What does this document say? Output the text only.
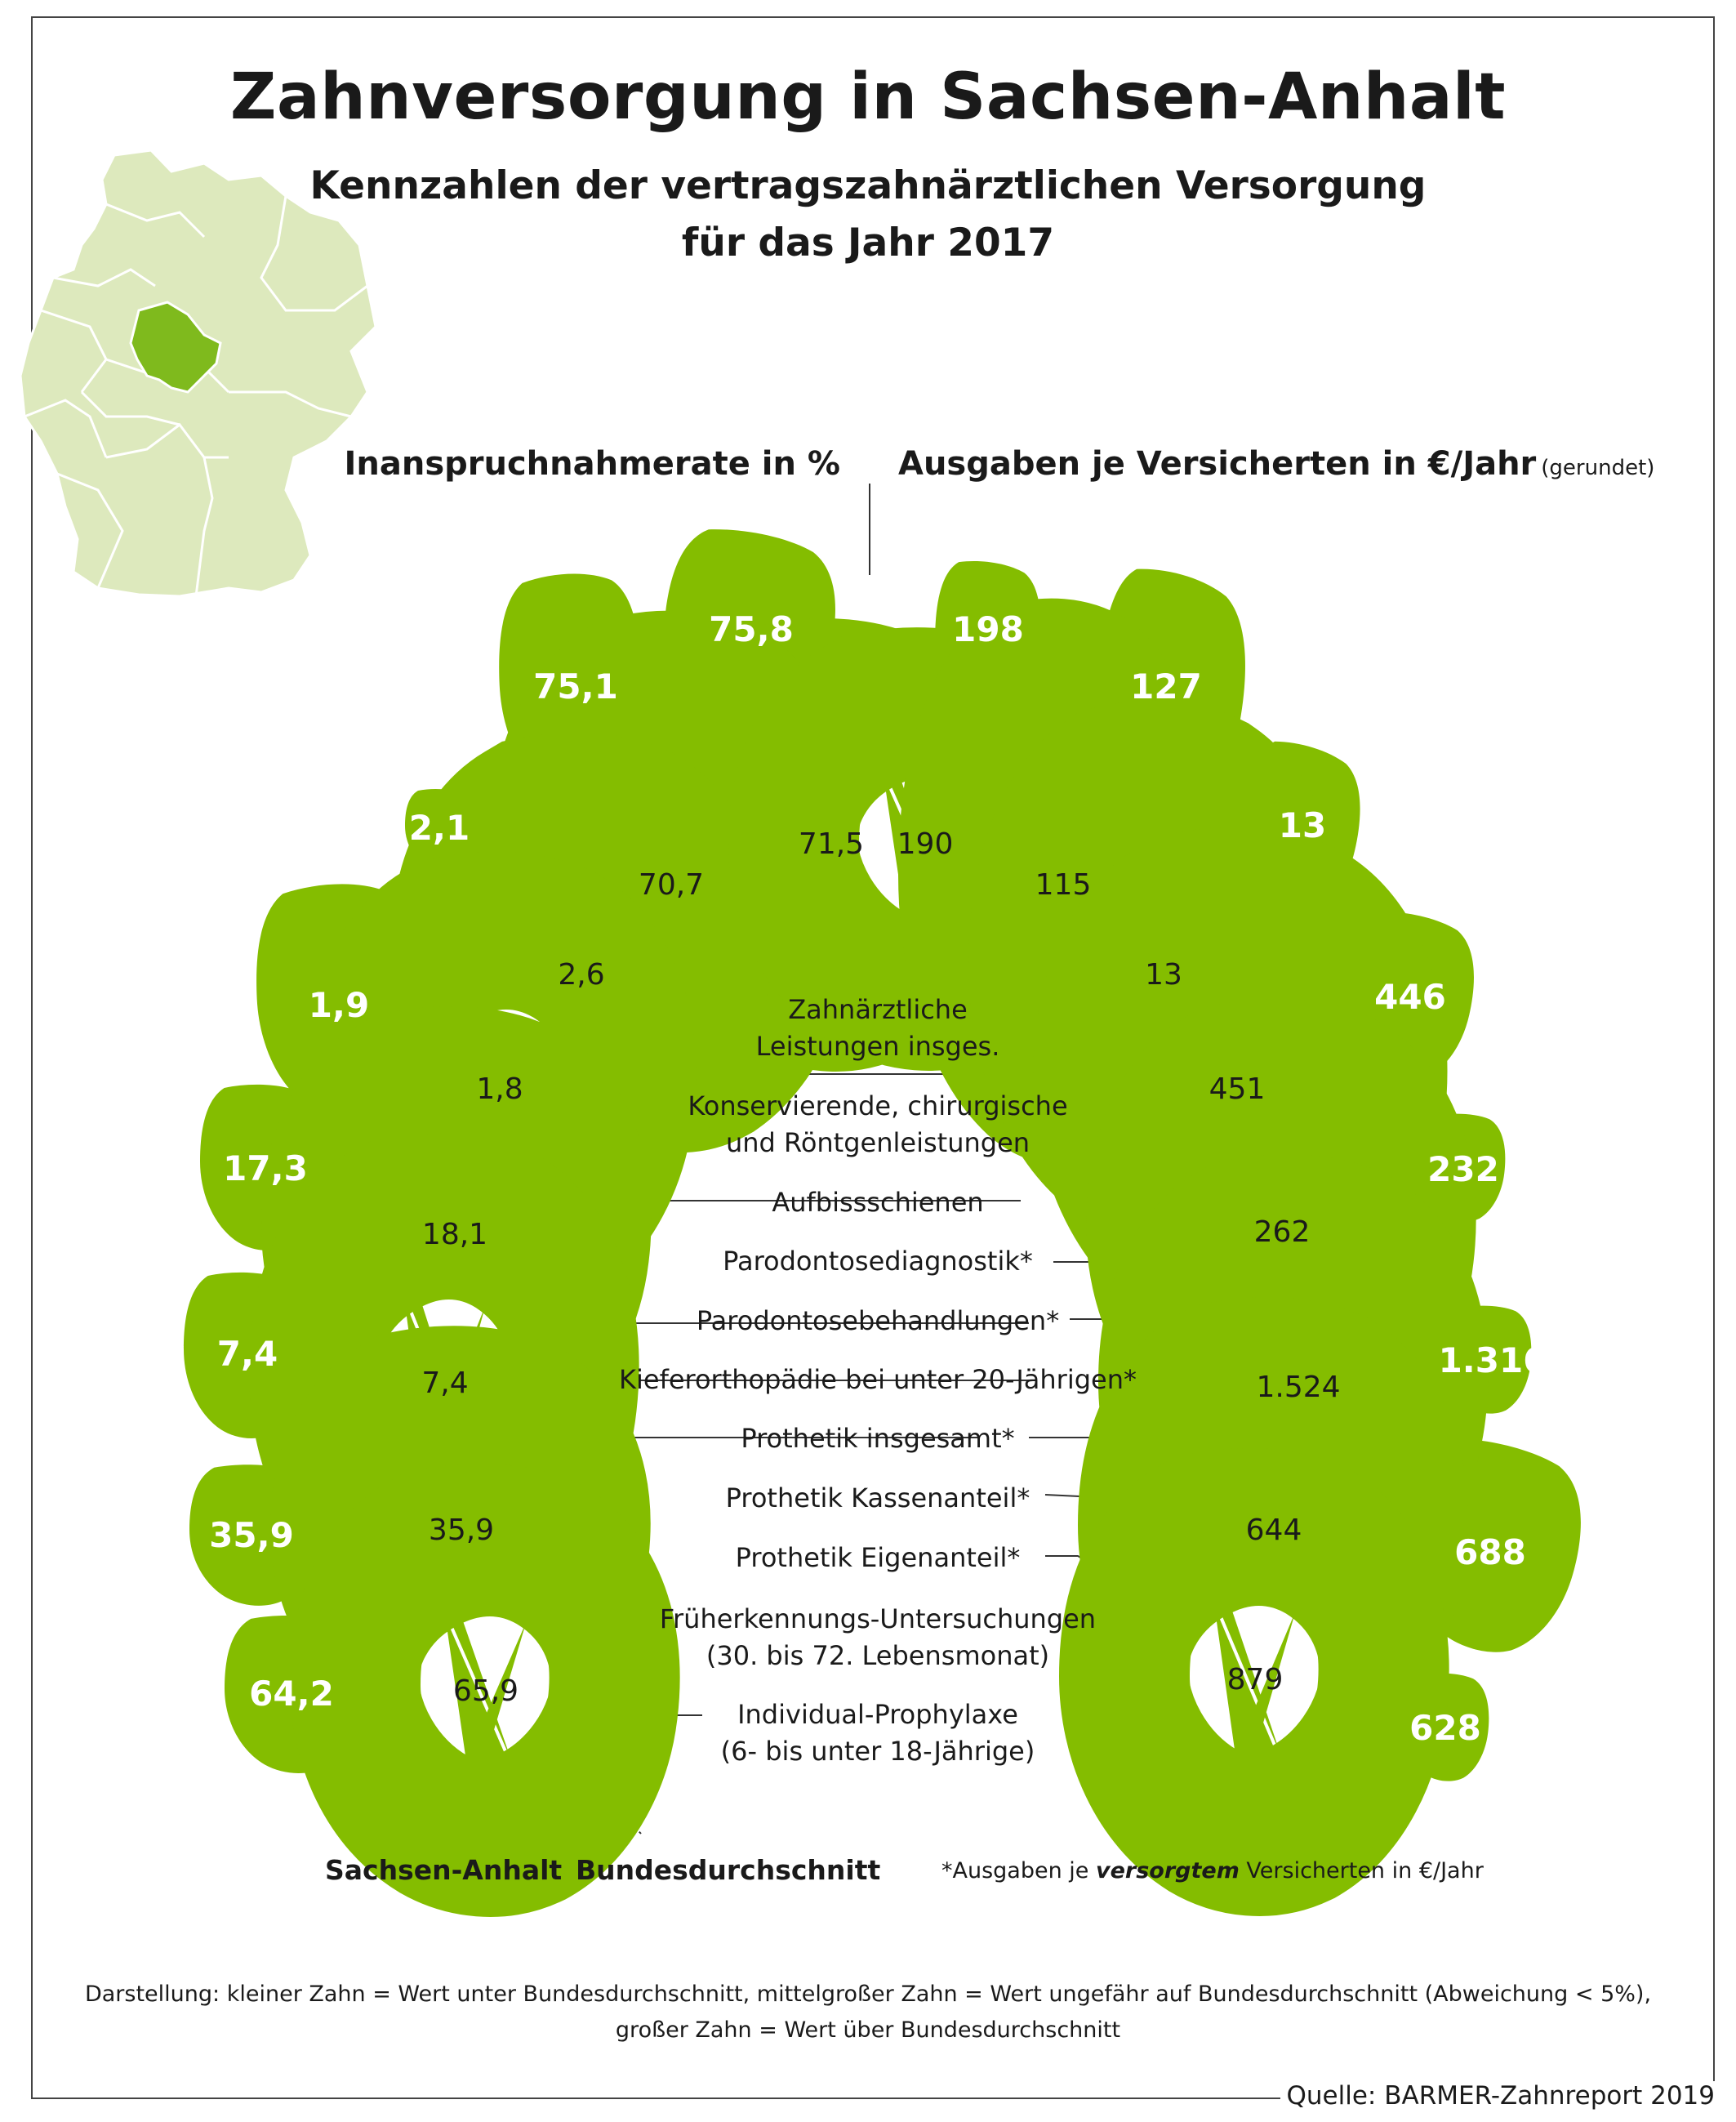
Zahnversorgung in Sachsen-Anhalt
Kennzahlen der vertragszahnärztlichen Versorgung
für das Jahr 2017
Inanspruchnahmerate in % Ausgaben je Versicherten in €/Jahr (gerundet)
75,8
75,1
2,1
1,9
17,3
7,4
35,9
64,2
198
127
13
446
232
1.316
688
628
71,5
70,7
2,6
1,8
18,1
7,4
35,9
65,9
190
115
13
451
262
1.524
644
879
Zahnärztliche
Leistungen insges.
Konservierende, chirurgische
und Röntgenleistungen
Aufbissschienen
Parodontosediagnostik*
Parodontosebehandlungen*
Kieferorthopädie bei unter 20-Jährigen*
Prothetik insgesamt*
Prothetik Kassenanteil*
Prothetik Eigenanteil*
Früherkennungs-Untersuchungen
(30. bis 72. Lebensmonat)
Individual-Prophylaxe
(6- bis unter 18-Jährige)
Sachsen-Anhalt Bundesdurchschnitt	*Ausgaben je versorgtem Versicherten in €/Jahr
Darstellung: kleiner Zahn = Wert unter Bundesdurchschnitt, mittelgroßer Zahn = Wert ungefähr auf Bundesdurchschnitt (Abweichung < 5%),
großer Zahn = Wert über Bundesdurchschnitt
Quelle: BARMER-Zahnreport 2019
